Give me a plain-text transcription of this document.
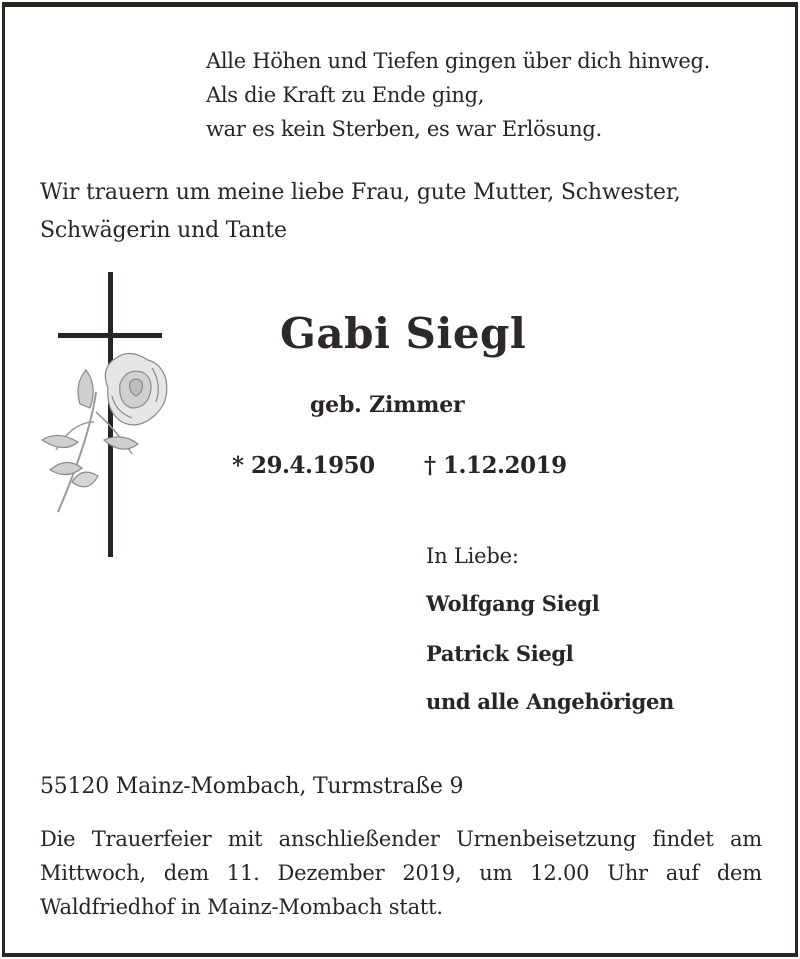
Alle Höhen und Tiefen gingen über dich hinweg.
Als die Kraft zu Ende ging,
war es kein Sterben, es war Erlösung.
Wir trauern um meine liebe Frau, gute Mutter, Schwester,
Schwägerin und Tante
Gabi Siegl
geb. Zimmer
* 29.4.1950 † 1.12.2019
In Liebe:
Wolfgang Siegl
Patrick Siegl
und alle Angehörigen
55120 Mainz-Mombach, Turmstraße 9
Die Trauerfeier mit anschließender Urnenbeisetzung findet am
Mittwoch, dem 11. Dezember 2019, um 12.00 Uhr auf dem
Waldfriedhof in Mainz-Mombach statt.
